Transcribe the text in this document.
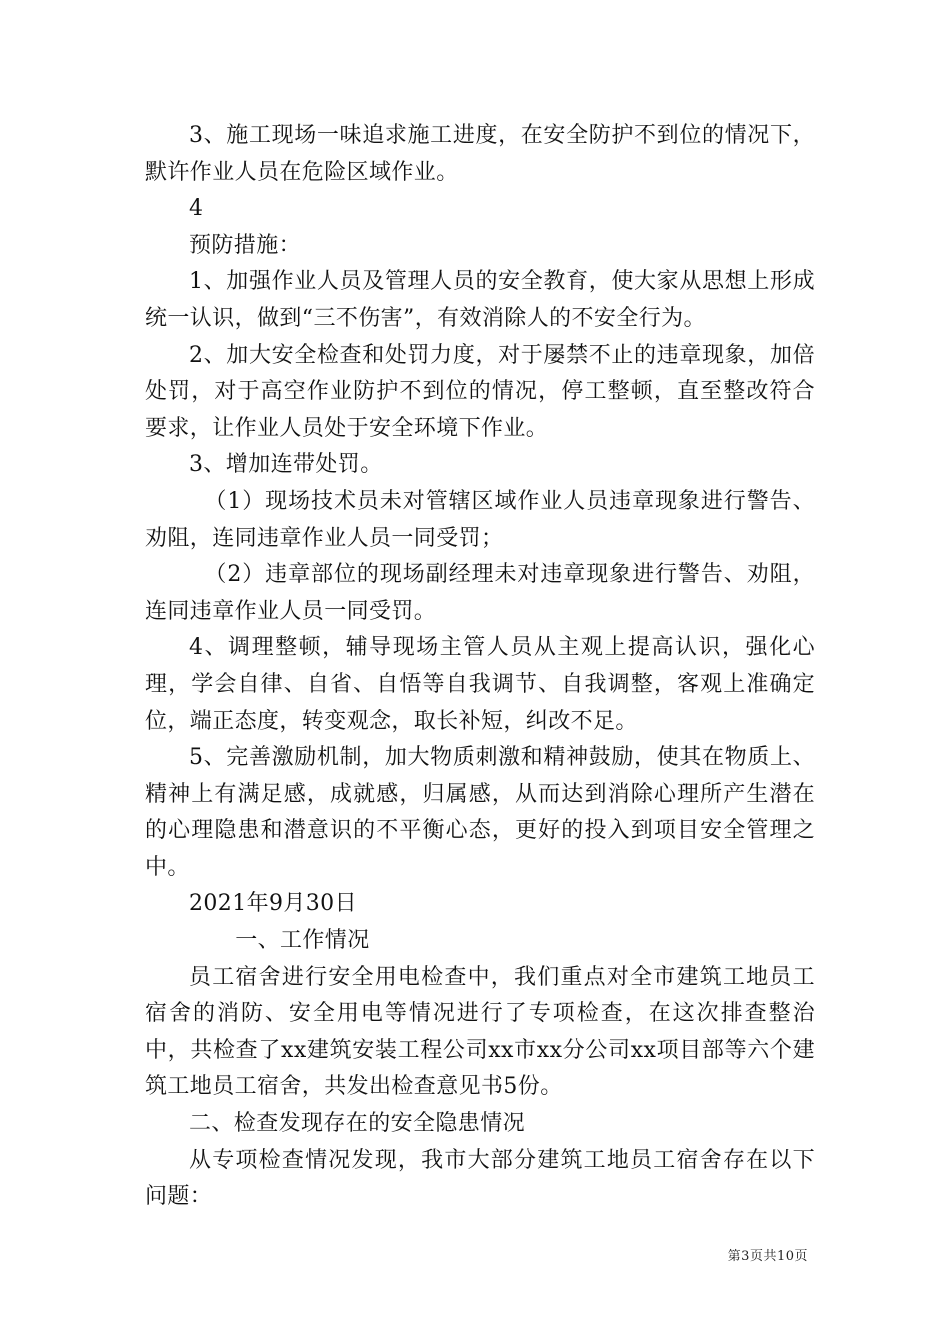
3、施工现场一味追求施工进度，在安全防护不到位的情况下，默许作业人员在危险区域作业。

4

预防措施：

1、加强作业人员及管理人员的安全教育，使大家从思想上形成统一认识，做到“三不伤害”，有效消除人的不安全行为。

2、加大安全检查和处罚力度，对于屡禁不止的违章现象，加倍处罚，对于高空作业防护不到位的情况，停工整顿，直至整改符合要求，让作业人员处于安全环境下作业。

3、增加连带处罚。

（1）现场技术员未对管辖区域作业人员违章现象进行警告、劝阻，连同违章作业人员一同受罚；

（2）违章部位的现场副经理未对违章现象进行警告、劝阻，连同违章作业人员一同受罚。

4、调理整顿，辅导现场主管人员从主观上提高认识，强化心理，学会自律、自省、自悟等自我调节、自我调整，客观上准确定位，端正态度，转变观念，取长补短，纠改不足。

5、完善激励机制，加大物质刺激和精神鼓励，使其在物质上、精神上有满足感，成就感，归属感，从而达到消除心理所产生潜在的心理隐患和潜意识的不平衡心态，更好的投入到项目安全管理之中。

2021年9月30日

一、工作情况

员工宿舍进行安全用电检查中，我们重点对全市建筑工地员工宿舍的消防、安全用电等情况进行了专项检查，在这次排查整治中，共检查了xx建筑安装工程公司xx市xx分公司xx项目部等六个建筑工地员工宿舍，共发出检查意见书5份。

二、检查发现存在的安全隐患情况

从专项检查情况发现，我市大部分建筑工地员工宿舍存在以下问题：

第3页共10页
